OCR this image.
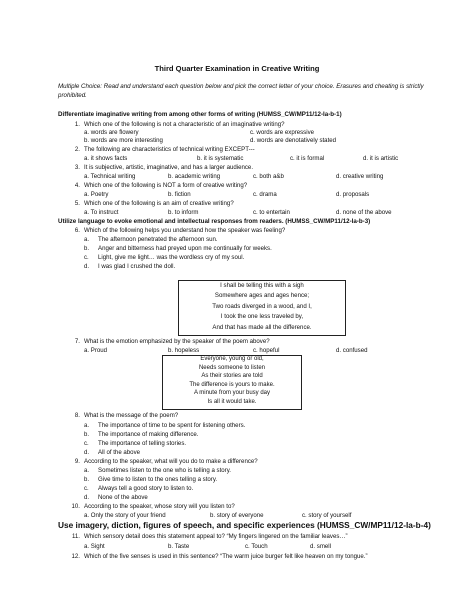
Third Quarter Examination in Creative Writing
Multiple Choice: Read and understand each question below and pick the correct letter of your choice. Erasures and cheating is strictly prohibited.
Differentiate imaginative writing from among other forms of writing (HUMSS_CW/MP11/12-Ia-b-1)
1. Which one of the following is not a characteristic of an imaginative writing?
a. words are flowery	c. words are expressive
b. words are more interesting	d. words are denotatively stated
2. The following are characteristics of technical writing EXCEPT---
a. it shows facts	b. it is systematic	c. it is formal	d. it is artistic
3. It is subjective, artistic, imaginative, and has a larger audience.
a. Technical writing	b. academic writing	c. both a&b	d. creative writing
4. Which one of the following is NOT a form of creative writing?
a. Poetry	b. fiction	c. drama	d. proposals
5. Which one of the following is an aim of creative writing?
a. To instruct	b. to inform	c. to entertain	d. none of the above
Utilize language to evoke emotional and intellectual responses from readers. (HUMSS_CW/MP11/12-Ia-b-3)
6. Which of the following helps you understand how the speaker was feeling?
a. The afternoon penetrated the afternoon sun.
b. Anger and bitterness had preyed upon me continually for weeks.
c. Light, give me light… was the wordless cry of my soul.
d. I was glad I crushed the doll.
I shall be telling this with a sigh
Somewhere ages and ages hence;
Two roads diverged in a wood, and I,
I took the one less traveled by,
And that has made all the difference.
7. What is the emotion emphasized by the speaker of the poem above?
a. Proud	b. hopeless	c. hopeful	d. confused
Everyone, young or old,
Needs someone to listen
As their stories are told
The difference is yours to make.
A minute from your busy day
Is all it would take.
8. What is the message of the poem?
a. The importance of time to be spent for listening others.
b. The importance of making difference.
c. The importance of telling stories.
d. All of the above
9. According to the speaker, what will you do to make a difference?
a. Sometimes listen to the one who is telling a story.
b. Give time to listen to the ones telling a story.
c. Always tell a good story to listen to.
d. None of the above
10. According to the speaker, whose story will you listen to?
a. Only the story of your friend	b. story of everyone	c. story of yourself
Use imagery, diction, figures of speech, and specific experiences (HUMSS_CW/MP11/12-Ia-b-4)
11. Which sensory detail does this statement appeal to? “My fingers lingered on the familiar leaves…”
a. Sight	b. Taste	c. Touch	d. smell
12. Which of the five senses is used in this sentence? “The warm juice burger felt like heaven on my tongue.”
